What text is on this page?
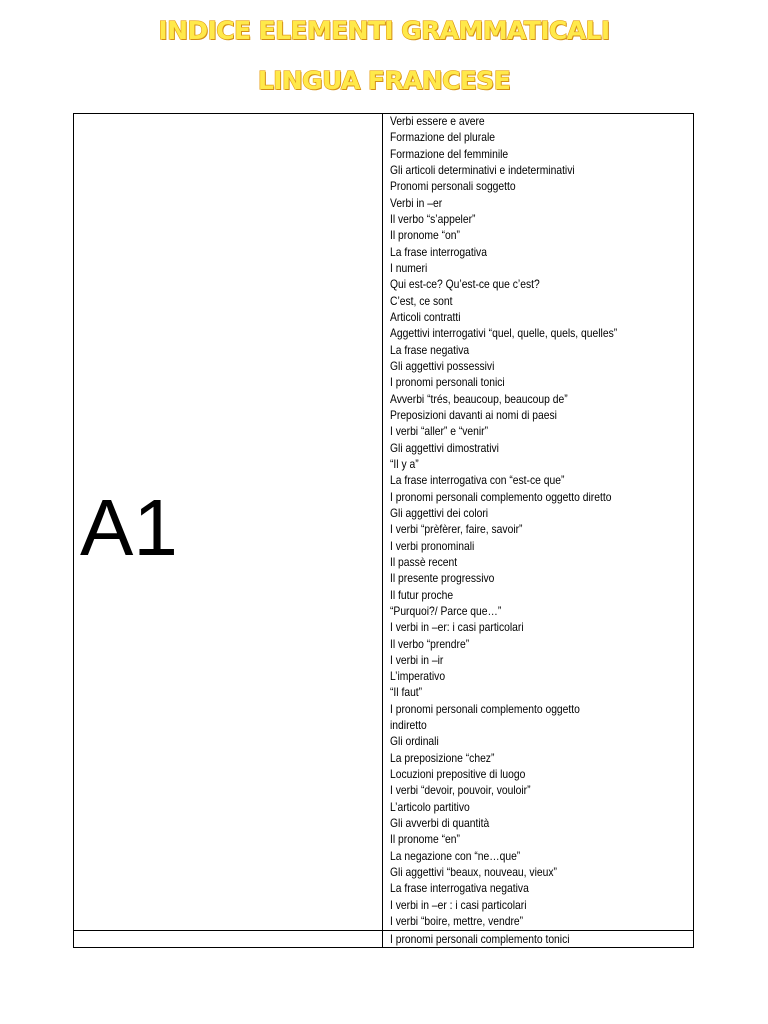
INDICE ELEMENTI GRAMMATICALI
LINGUA FRANCESE
A1
Verbi essere e avere
Formazione del plurale
Formazione del femminile
Gli articoli determinativi e indeterminativi
Pronomi personali soggetto
Verbi in –er
Il verbo “s’appeler”
Il pronome “on”
La frase interrogativa
I numeri
Qui est-ce? Qu’est-ce que c’est?
C’est, ce sont
Articoli contratti
Aggettivi interrogativi “quel, quelle, quels, quelles”
La frase negativa
Gli aggettivi possessivi
I pronomi personali tonici
Avverbi “trés, beaucoup, beaucoup de”
Preposizioni davanti ai nomi di paesi
I verbi “aller” e “venir”
Gli aggettivi dimostrativi
“Il y a”
La frase interrogativa con “est-ce que”
I pronomi personali complemento oggetto diretto
Gli aggettivi dei colori
I verbi “prèfèrer, faire, savoir”
I verbi pronominali
Il passè recent
Il presente progressivo
Il futur proche
“Purquoi?/ Parce que…”
I verbi in –er: i casi particolari
Il verbo “prendre”
I verbi in –ir
L’imperativo
“Il faut”
I pronomi personali complemento oggetto
indiretto
Gli ordinali
La preposizione “chez”
Locuzioni prepositive di luogo
I verbi “devoir, pouvoir, vouloir”
L’articolo partitivo
Gli avverbi di quantità
Il pronome “en”
La negazione con “ne…que”
Gli aggettivi “beaux, nouveau, vieux”
La frase interrogativa negativa
I verbi in –er : i casi particolari
I verbi “boire, mettre, vendre”
I pronomi personali complemento tonici
